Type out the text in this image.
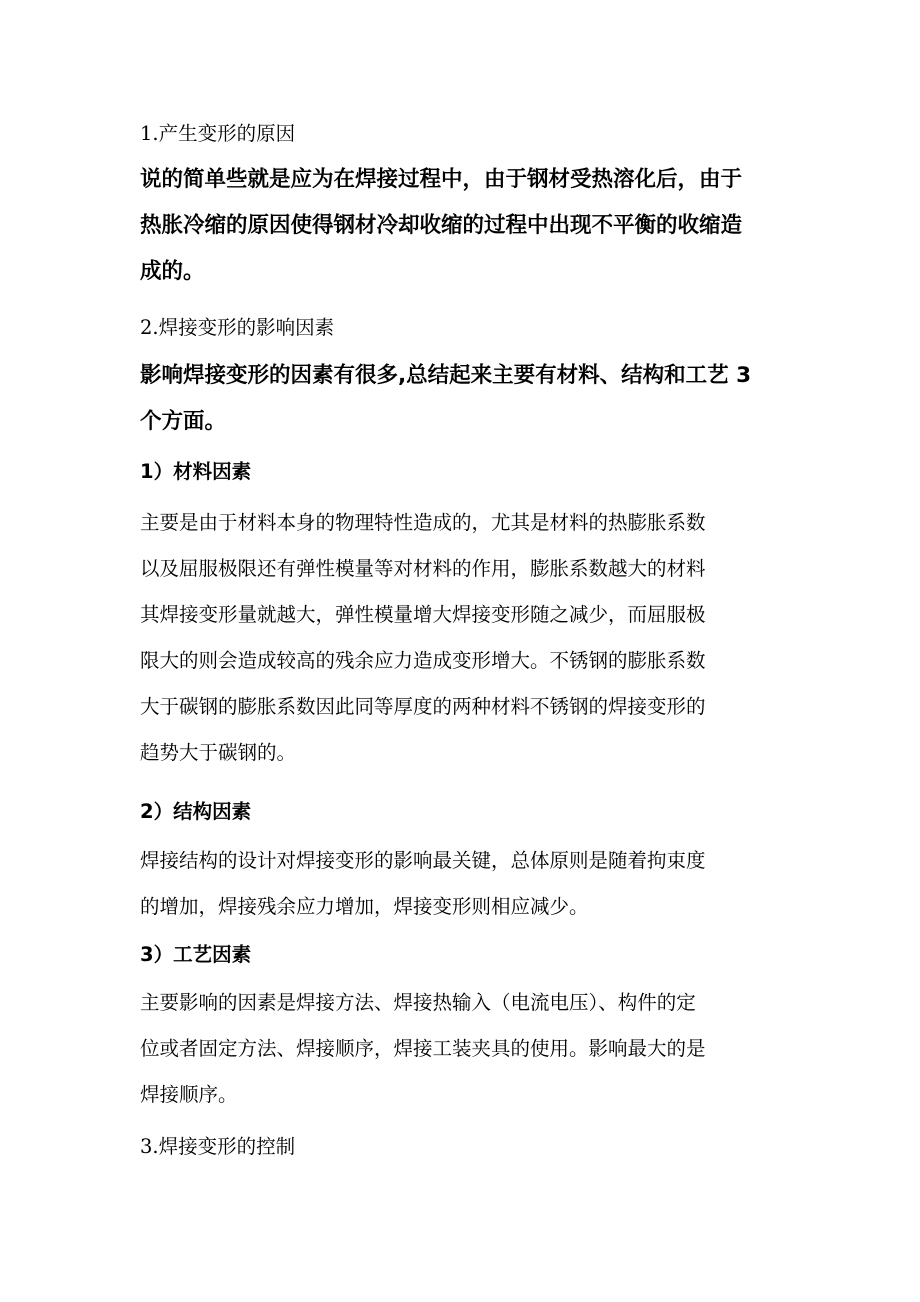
1.产生变形的原因
说的简单些就是应为在焊接过程中，由于钢材受热溶化后，由于
热胀冷缩的原因使得钢材冷却收缩的过程中出现不平衡的收缩造
成的。
2.焊接变形的影响因素
影响焊接变形的因素有很多,总结起来主要有材料、结构和工艺 3
个方面。
1）材料因素
主要是由于材料本身的物理特性造成的，尤其是材料的热膨胀系数
以及屈服极限还有弹性模量等对材料的作用，膨胀系数越大的材料
其焊接变形量就越大，弹性模量增大焊接变形随之减少，而屈服极
限大的则会造成较高的残余应力造成变形增大。不锈钢的膨胀系数
大于碳钢的膨胀系数因此同等厚度的两种材料不锈钢的焊接变形的
趋势大于碳钢的。
2）结构因素
焊接结构的设计对焊接变形的影响最关键，总体原则是随着拘束度
的增加，焊接残余应力增加，焊接变形则相应减少。
3）工艺因素
主要影响的因素是焊接方法、焊接热输入（电流电压）、构件的定
位或者固定方法、焊接顺序，焊接工装夹具的使用。影响最大的是
焊接顺序。
3.焊接变形的控制
